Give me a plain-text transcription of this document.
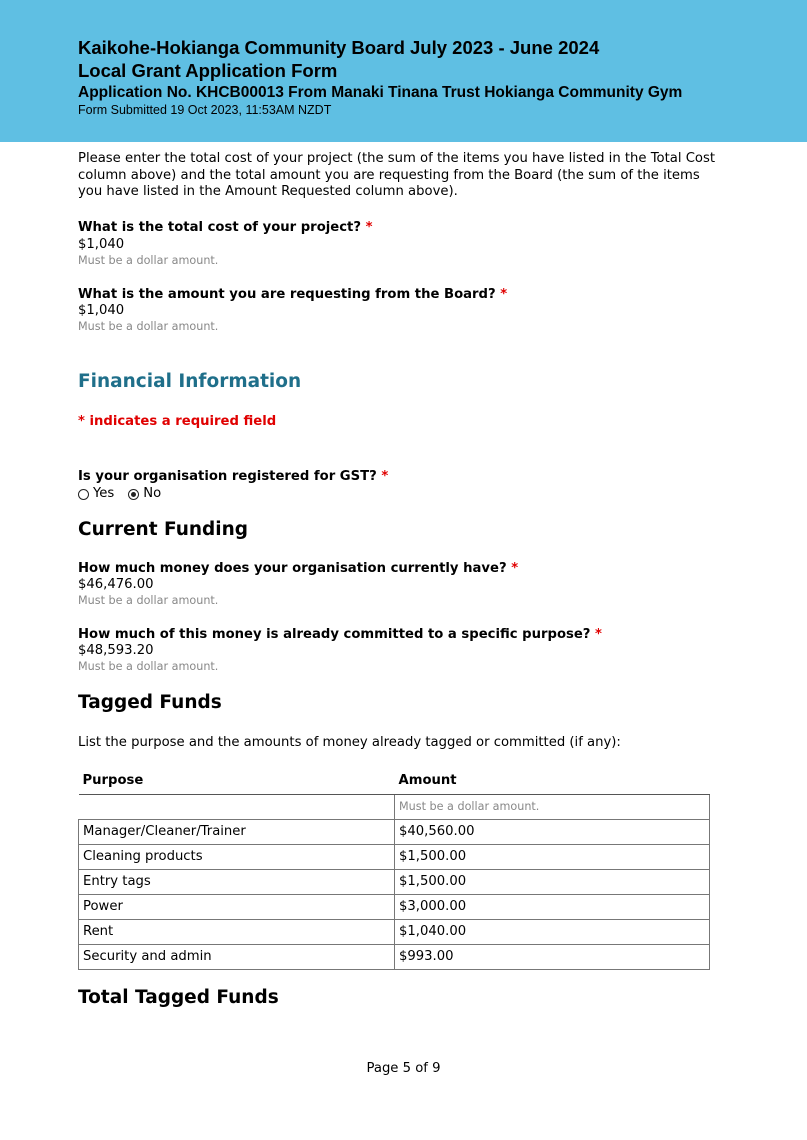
Kaikohe-Hokianga Community Board July 2023 - June 2024
Local Grant Application Form
Application No. KHCB00013 From Manaki Tinana Trust Hokianga Community Gym
Form Submitted 19 Oct 2023, 11:53AM NZDT
Please enter the total cost of your project (the sum of the items you have listed in the Total Cost column above) and the total amount you are requesting from the Board (the sum of the items you have listed in the Amount Requested column above).
What is the total cost of your project? *
$1,040
Must be a dollar amount.
What is the amount you are requesting from the Board? *
$1,040
Must be a dollar amount.
Financial Information
* indicates a required field
Is your organisation registered for GST? *
Yes No
Current Funding
How much money does your organisation currently have? *
$46,476.00
Must be a dollar amount.
How much of this money is already committed to a specific purpose? *
$48,593.20
Must be a dollar amount.
Tagged Funds
List the purpose and the amounts of money already tagged or committed (if any):
Purpose	Amount
	Must be a dollar amount.
Manager/Cleaner/Trainer	$40,560.00
Cleaning products	$1,500.00
Entry tags	$1,500.00
Power	$3,000.00
Rent	$1,040.00
Security and admin	$993.00
Total Tagged Funds
Page 5 of 9
